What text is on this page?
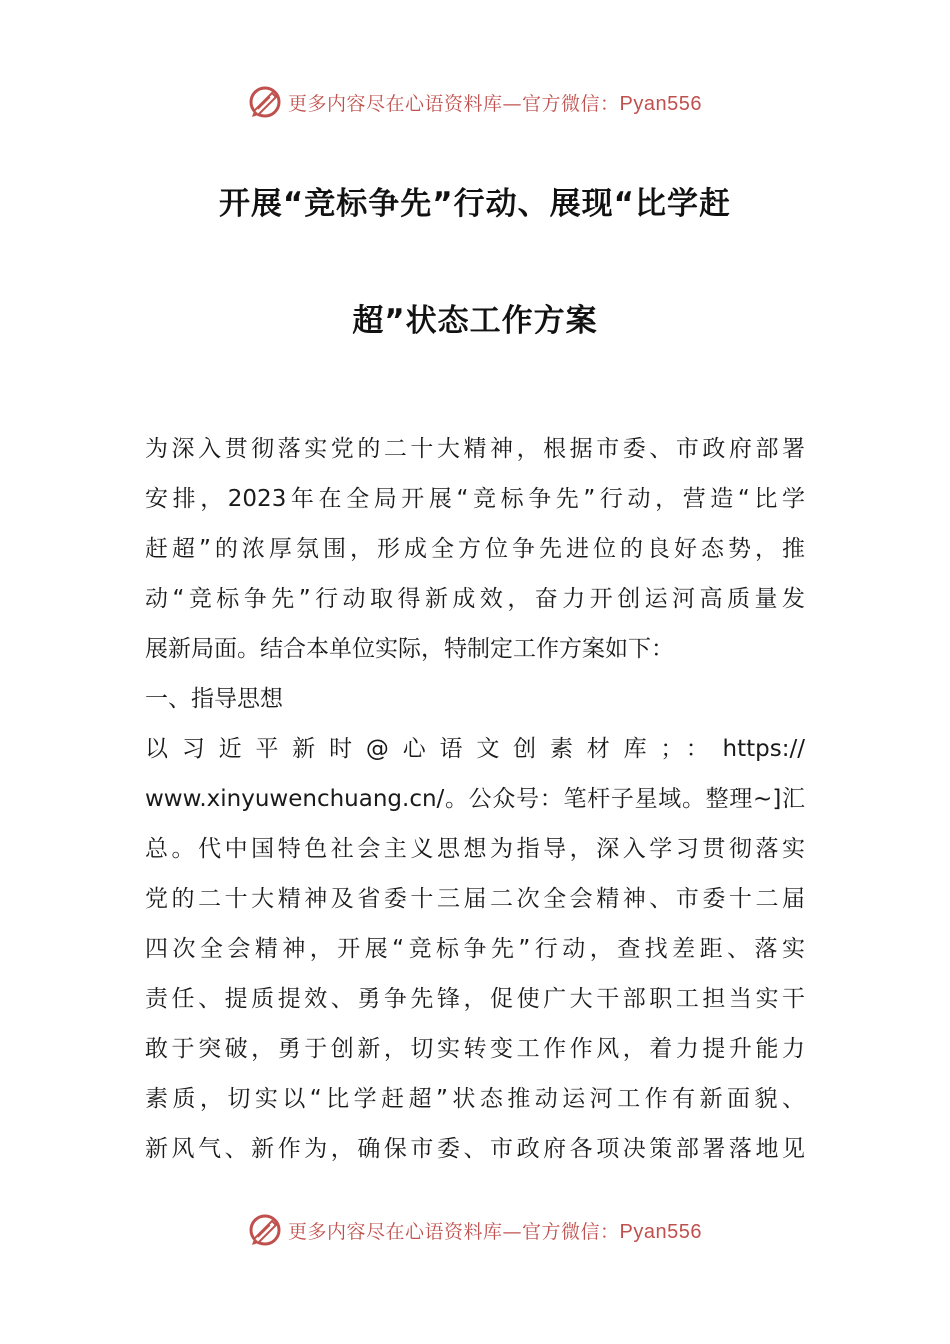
更多内容尽在心语资料库—官方微信：Pyan556
开展“竞标争先”行动、展现“比学赶
超”状态工作方案
为深入贯彻落实党的二十大精神，根据市委、市政府部署
安排，2023年在全局开展“竞标争先”行动，营造“比学
赶超”的浓厚氛围，形成全方位争先进位的良好态势，推
动“竞标争先”行动取得新成效，奋力开创运河高质量发
展新局面。结合本单位实际，特制定工作方案如下：
一、指导思想
以习近平新时@心语文创素材库；：https://
www.xinyuwenchuang.cn/。公众号：笔杆子星域。整理~]汇
总。代中国特色社会主义思想为指导，深入学习贯彻落实
党的二十大精神及省委十三届二次全会精神、市委十二届
四次全会精神，开展“竞标争先”行动，查找差距、落实
责任、提质提效、勇争先锋，促使广大干部职工担当实干
敢于突破，勇于创新，切实转变工作作风，着力提升能力
素质，切实以“比学赶超”状态推动运河工作有新面貌、
新风气、新作为，确保市委、市政府各项决策部署落地见
更多内容尽在心语资料库—官方微信：Pyan556
